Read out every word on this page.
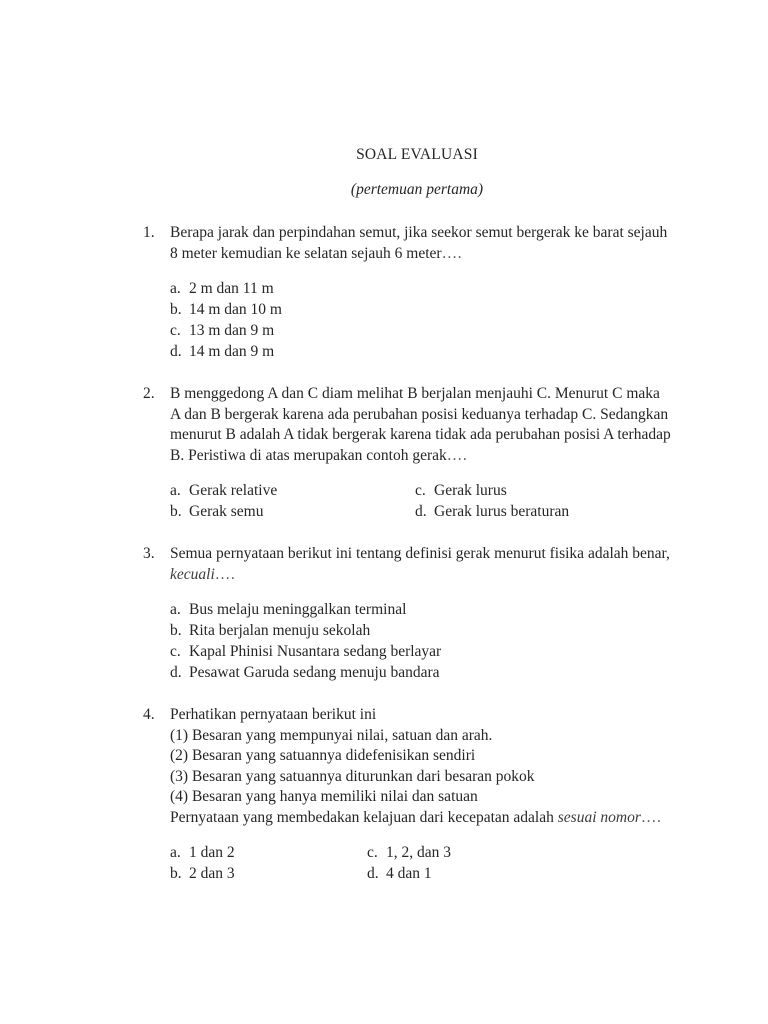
SOAL EVALUASI
(pertemuan pertama)
1. Berapa jarak dan perpindahan semut, jika seekor semut bergerak ke barat sejauh 8 meter kemudian ke selatan sejauh 6 meter….
a. 2 m dan 11 m
b. 14 m dan 10 m
c. 13 m dan 9 m
d. 14 m dan 9 m
2. B menggedong A dan C diam melihat B berjalan menjauhi C. Menurut C maka A dan B bergerak karena ada perubahan posisi keduanya terhadap C. Sedangkan menurut B adalah A tidak bergerak karena tidak ada perubahan posisi A terhadap B. Peristiwa di atas merupakan contoh gerak….
a. Gerak relative	c. Gerak lurus
b. Gerak semu	d. Gerak lurus beraturan
3. Semua pernyataan berikut ini tentang definisi gerak menurut fisika adalah benar, kecuali….
a. Bus melaju meninggalkan terminal
b. Rita berjalan menuju sekolah
c. Kapal Phinisi Nusantara sedang berlayar
d. Pesawat Garuda sedang menuju bandara
4. Perhatikan pernyataan berikut ini
(1) Besaran yang mempunyai nilai, satuan dan arah.
(2) Besaran yang satuannya didefenisikan sendiri
(3) Besaran yang satuannya diturunkan dari besaran pokok
(4) Besaran yang hanya memiliki nilai dan satuan
Pernyataan yang membedakan kelajuan dari kecepatan adalah sesuai nomor….
a. 1 dan 2	c. 1, 2, dan 3
b. 2 dan 3	d. 4 dan 1
